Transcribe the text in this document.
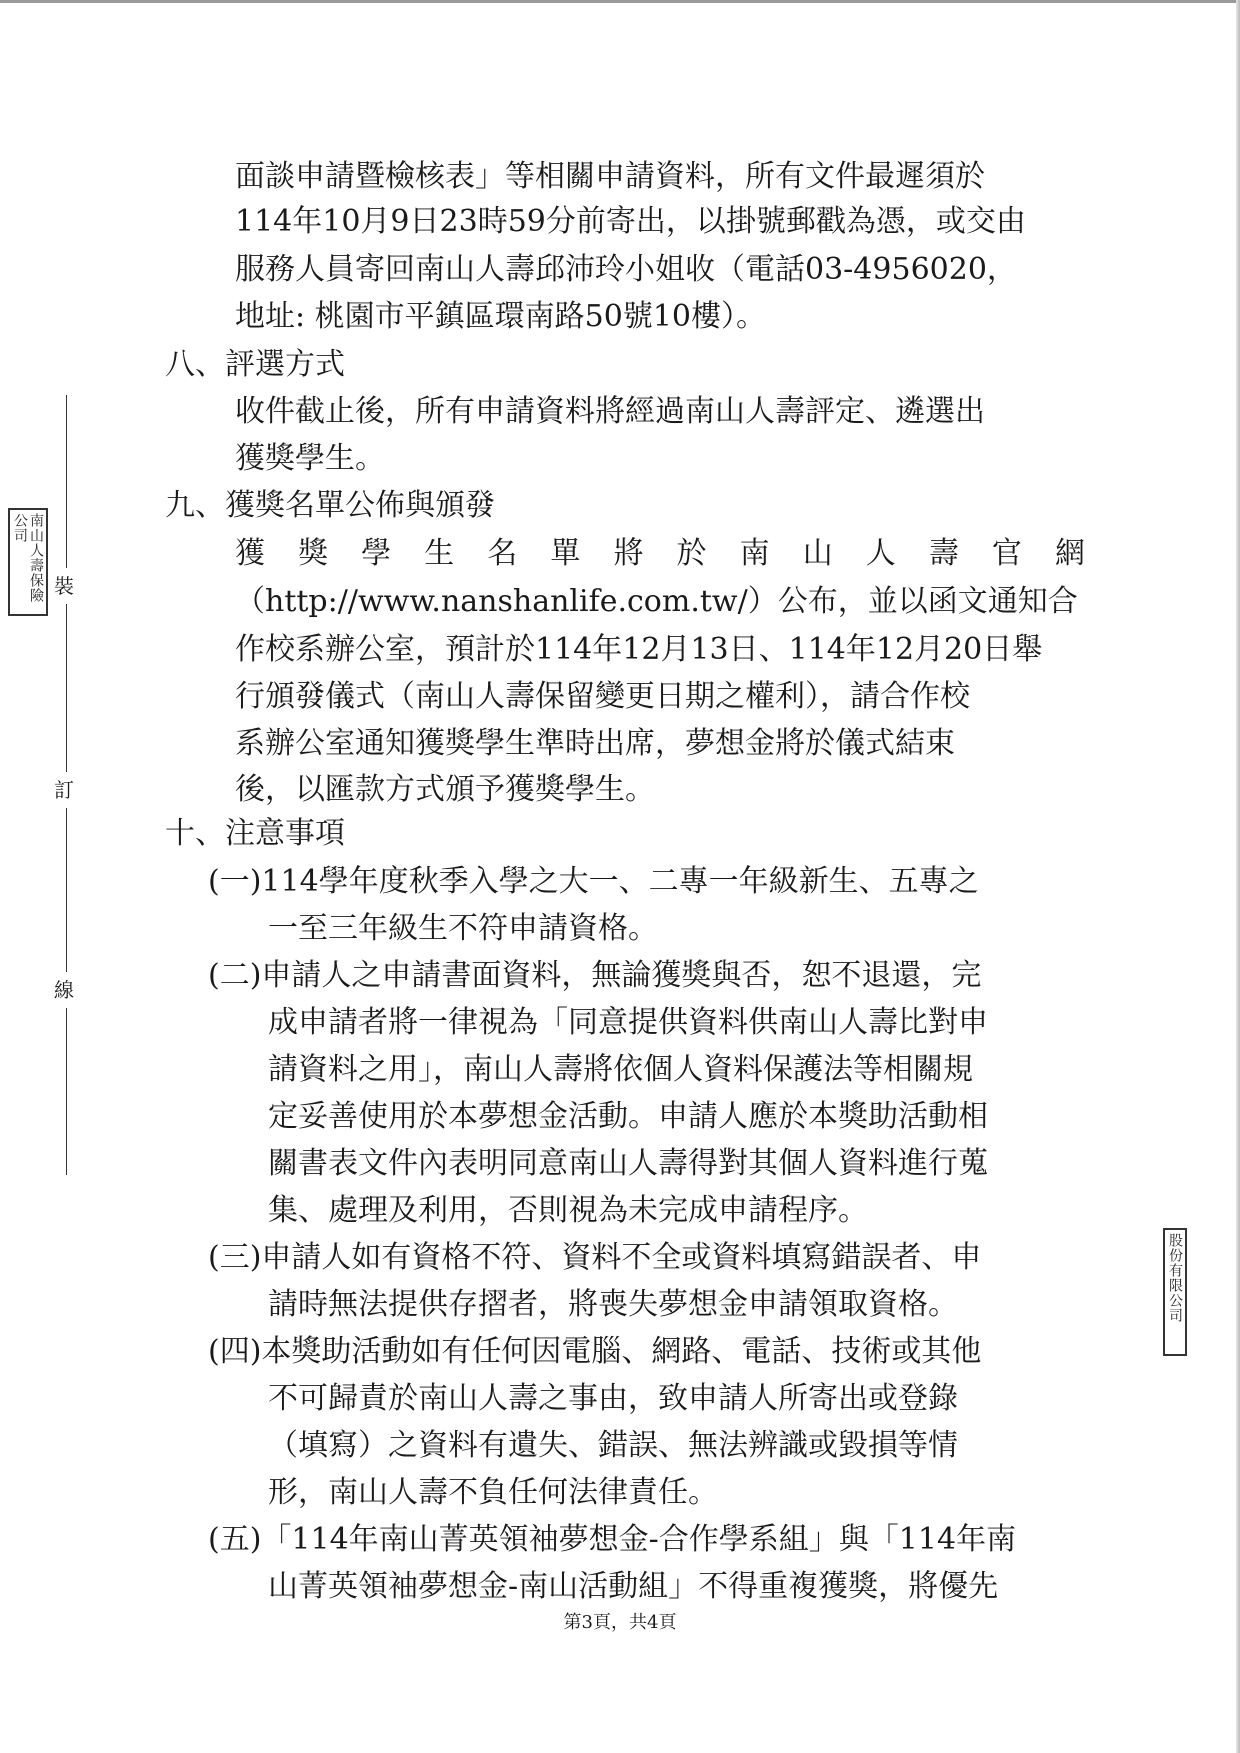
裝
訂
線
南山人壽保險公司
股份有限公司
面談申請暨檢核表」等相關申請資料，所有文件最遲須於
114年10月9日23時59分前寄出，以掛號郵戳為憑，或交由
服務人員寄回南山人壽邱沛玲小姐收（電話03-4956020，
地址: 桃園市平鎮區環南路50號10樓）。
八、評選方式
收件截止後，所有申請資料將經過南山人壽評定、遴選出
獲獎學生。
九、獲獎名單公佈與頒發
獲　獎　學　生　名　單　將　於　南　山　人　壽　官　網
（http://www.nanshanlife.com.tw/）公布，並以函文通知合
作校系辦公室，預計於114年12月13日、114年12月20日舉
行頒發儀式（南山人壽保留變更日期之權利），請合作校
系辦公室通知獲獎學生準時出席，夢想金將於儀式結束
後，以匯款方式頒予獲獎學生。
十、注意事項
(一)114學年度秋季入學之大一、二專一年級新生、五專之
一至三年級生不符申請資格。
(二)申請人之申請書面資料，無論獲獎與否，恕不退還，完
成申請者將一律視為「同意提供資料供南山人壽比對申
請資料之用」，南山人壽將依個人資料保護法等相關規
定妥善使用於本夢想金活動。申請人應於本獎助活動相
關書表文件內表明同意南山人壽得對其個人資料進行蒐
集、處理及利用，否則視為未完成申請程序。
(三)申請人如有資格不符、資料不全或資料填寫錯誤者、申
請時無法提供存摺者，將喪失夢想金申請領取資格。
(四)本獎助活動如有任何因電腦、網路、電話、技術或其他
不可歸責於南山人壽之事由，致申請人所寄出或登錄
（填寫）之資料有遺失、錯誤、無法辨識或毀損等情
形，南山人壽不負任何法律責任。
(五)「114年南山菁英領袖夢想金-合作學系組」與「114年南
山菁英領袖夢想金-南山活動組」不得重複獲獎，將優先
第3頁，共4頁
